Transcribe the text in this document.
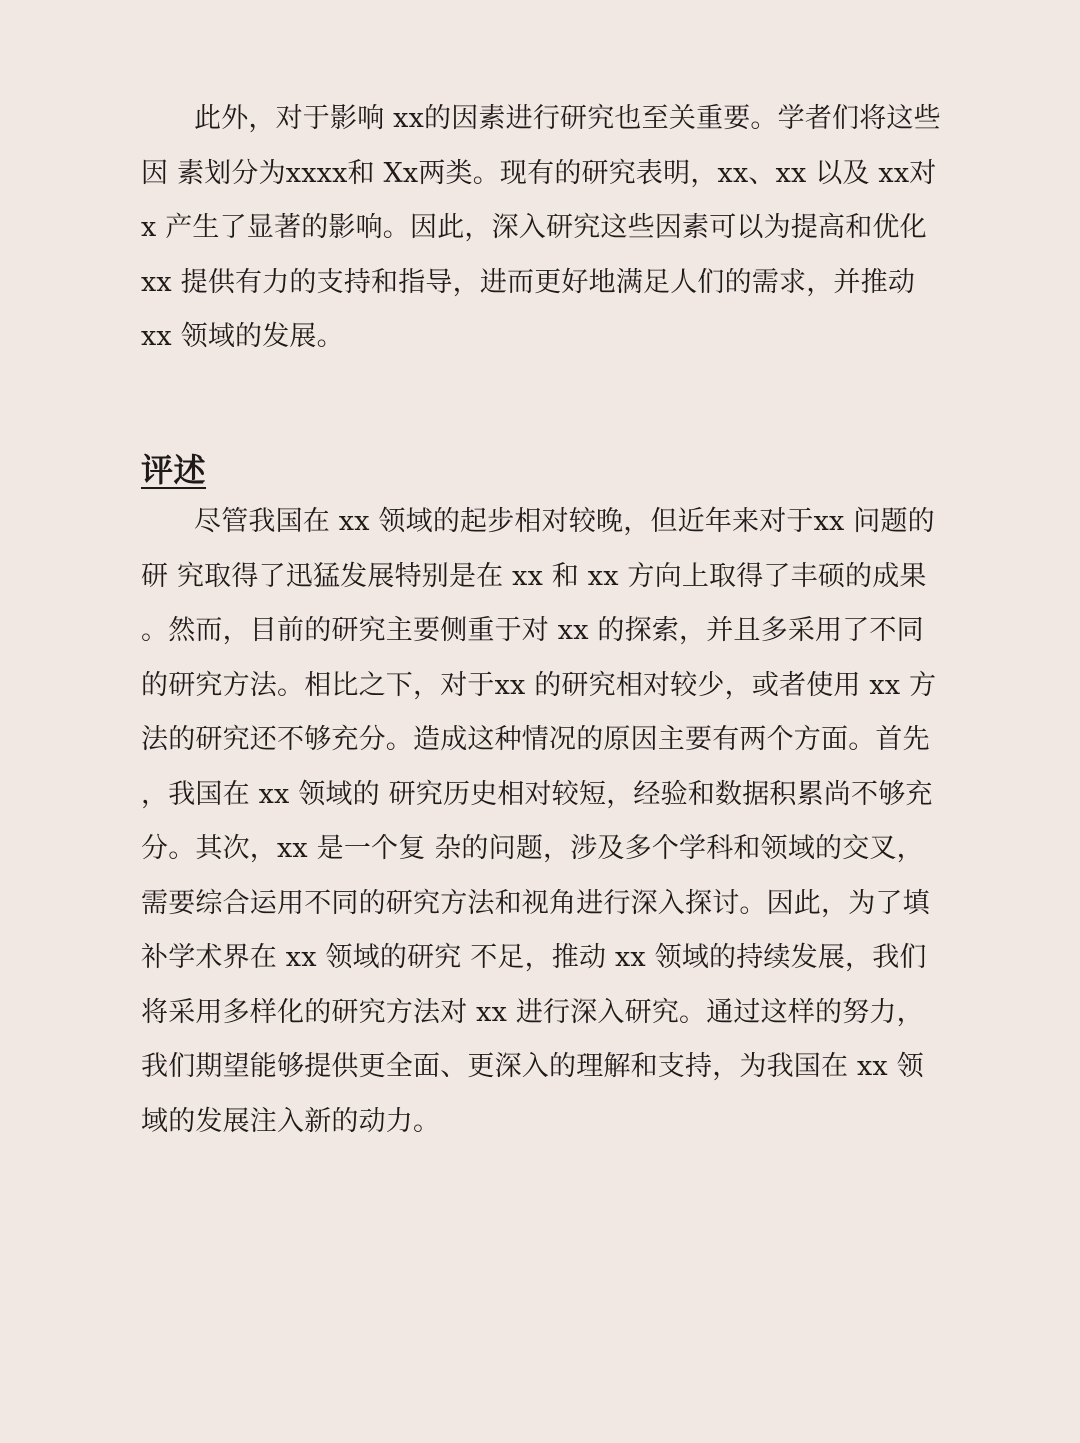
此外，对于影响 xx的因素进行研究也至关重要。学者们将这些
因 素划分为xxxx和 Xx两类。现有的研究表明，xx、xx 以及 xx对
x 产生了显著的影响。因此，深入研究这些因素可以为提高和优化
xx 提供有力的支持和指导，进而更好地满足人们的需求，并推动
xx 领域的发展。
评述
尽管我国在 xx 领域的起步相对较晚，但近年来对于xx 问题的
研 究取得了迅猛发展特别是在 xx 和 xx 方向上取得了丰硕的成果
。然而，目前的研究主要侧重于对 xx 的探索，并且多采用了不同
的研究方法。相比之下，对于xx 的研究相对较少，或者使用 xx 方
法的研究还不够充分。造成这种情况的原因主要有两个方面。首先
，我国在 xx 领域的 研究历史相对较短，经验和数据积累尚不够充
分。其次，xx 是一个复 杂的问题，涉及多个学科和领域的交叉，
需要综合运用不同的研究方法和视角进行深入探讨。因此，为了填
补学术界在 xx 领域的研究 不足，推动 xx 领域的持续发展，我们
将采用多样化的研究方法对 xx 进行深入研究。通过这样的努力，
我们期望能够提供更全面、更深入的理解和支持，为我国在 xx 领
域的发展注入新的动力。
